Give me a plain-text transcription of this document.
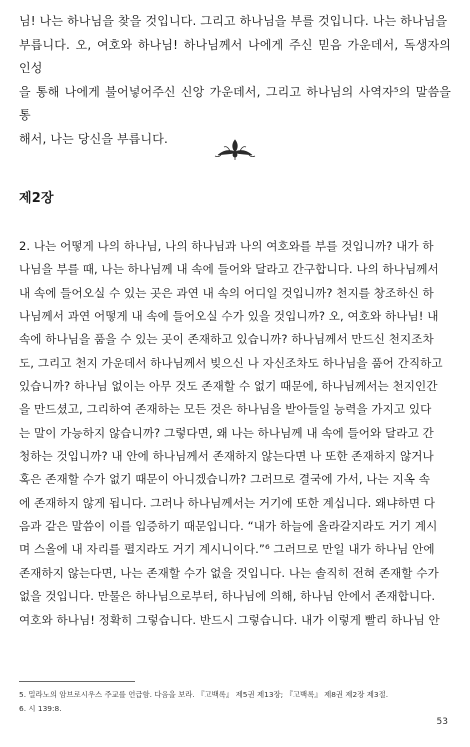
님! 나는 하나님을 찾을 것입니다. 그리고 하나님을 부를 것입니다. 나는 하나님을
부릅니다. 오, 여호와 하나님! 하나님께서 나에게 주신 믿음 가운데서, 독생자의 인성
을 통해 나에게 불어넣어주신 신앙 가운데서, 그리고 하나님의 사역자⁵의 말씀을 통
해서, 나는 당신을 부릅니다.
제2장
2. 나는 어떻게 나의 하나님, 나의 하나님과 나의 여호와를 부를 것입니까? 내가 하
나님을 부를 때, 나는 하나님께 내 속에 들어와 달라고 간구합니다. 나의 하나님께서
내 속에 들어오실 수 있는 곳은 과연 내 속의 어디일 것입니까? 천지를 창조하신 하
나님께서 과연 어떻게 내 속에 들어오실 수가 있을 것입니까? 오, 여호와 하나님! 내
속에 하나님을 품을 수 있는 곳이 존재하고 있습니까? 하나님께서 만드신 천지조차
도, 그리고 천지 가운데서 하나님께서 빚으신 나 자신조차도 하나님을 품어 간직하고
있습니까? 하나님 없이는 아무 것도 존재할 수 없기 때문에, 하나님께서는 천지인간
을 만드셨고, 그리하여 존재하는 모든 것은 하나님을 받아들일 능력을 가지고 있다
는 말이 가능하지 않습니까? 그렇다면, 왜 나는 하나님께 내 속에 들어와 달라고 간
청하는 것입니까? 내 안에 하나님께서 존재하지 않는다면 나 또한 존재하지 않거나
혹은 존재할 수가 없기 때문이 아니겠습니까? 그러므로 결국에 가서, 나는 지옥 속
에 존재하지 않게 됩니다. 그러나 하나님께서는 거기에 또한 계십니다. 왜냐하면 다
음과 같은 말씀이 이를 입증하기 때문입니다. “내가 하늘에 올라갈지라도 거기 계시
며 스올에 내 자리를 펼지라도 거기 계시니이다.”⁶ 그러므로 만일 내가 하나님 안에
존재하지 않는다면, 나는 존재할 수가 없을 것입니다. 나는 솔직히 전혀 존재할 수가
없을 것입니다. 만물은 하나님으로부터, 하나님에 의해, 하나님 안에서 존재합니다.
여호와 하나님! 정확히 그렇습니다. 반드시 그렇습니다. 내가 이렇게 빨리 하나님 안
5. 밀라노의 암브로시우스 주교를 언급함. 다음을 보라. 『고백록』 제5권 제13장; 『고백록』 제8권 제2장 제3절.
6. 시 139:8.
53
